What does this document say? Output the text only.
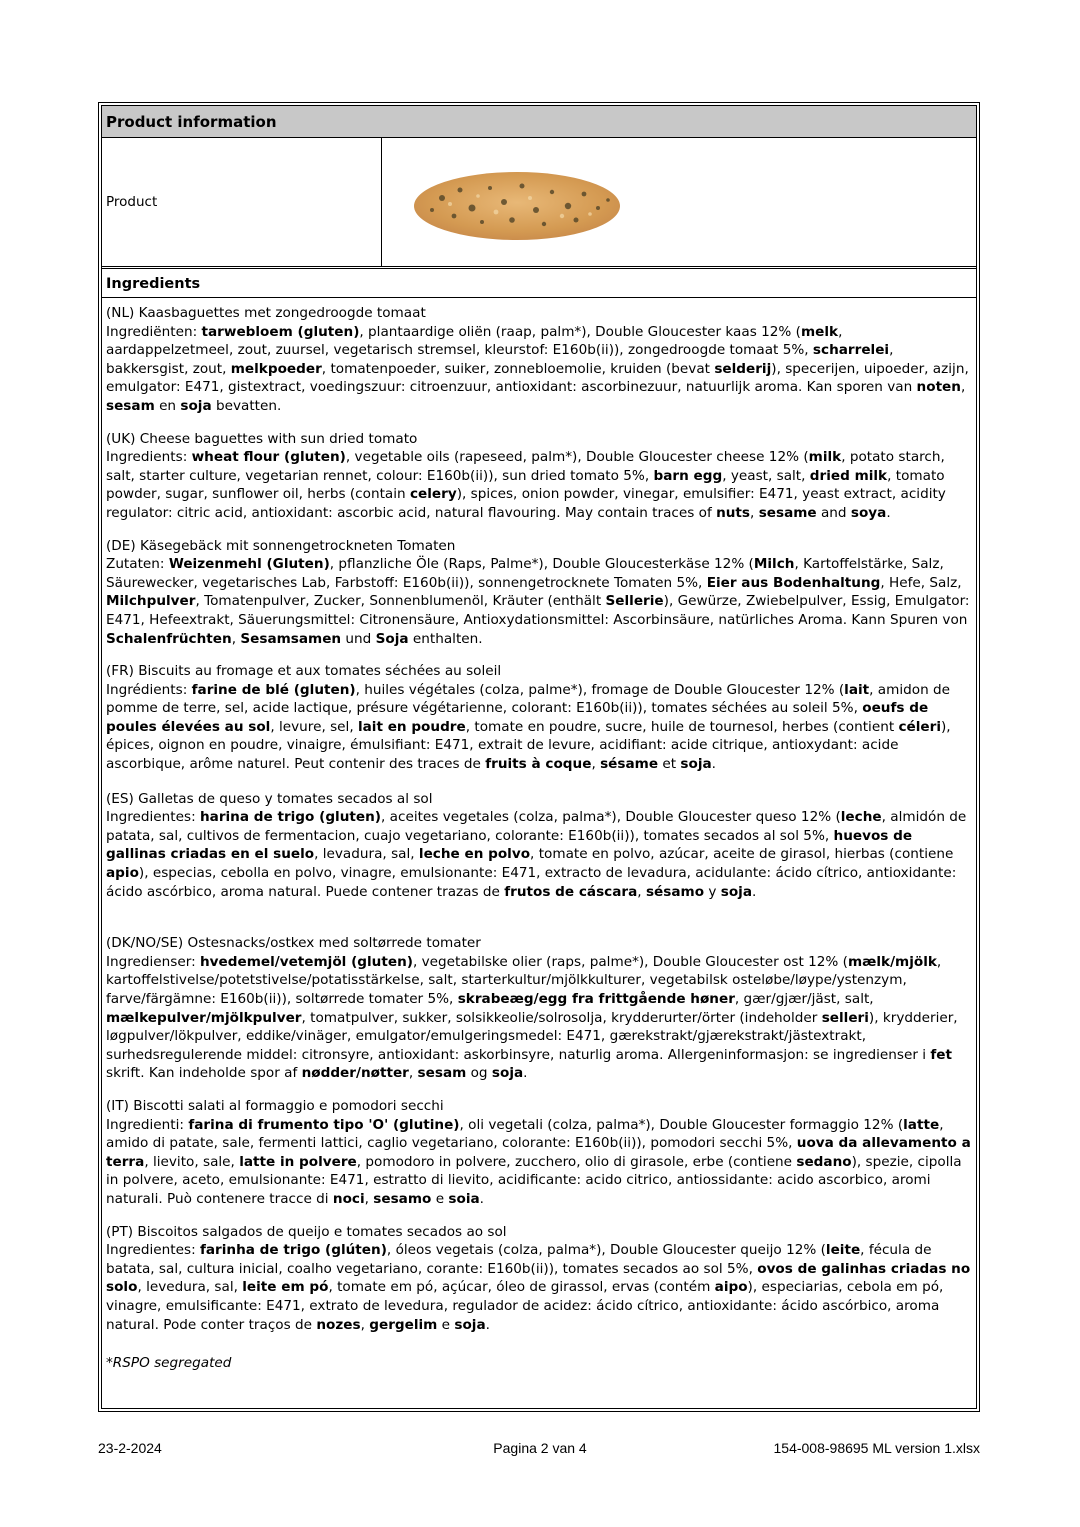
Product information
Product
Ingredients
(NL) Kaasbaguettes met zongedroogde tomaat
Ingrediënten: tarwebloem (gluten), plantaardige oliën (raap, palm*), Double Gloucester kaas 12% (melk, aardappelzetmeel, zout, zuursel, vegetarisch stremsel, kleurstof: E160b(ii)), zongedroogde tomaat 5%, scharrelei, bakkersgist, zout, melkpoeder, tomatenpoeder, suiker, zonnebloemolie, kruiden (bevat selderij), specerijen, uipoeder, azijn, emulgator: E471, gistextract, voedingszuur: citroenzuur, antioxidant: ascorbinezuur, natuurlijk aroma. Kan sporen van noten, sesam en soja bevatten.
(UK) Cheese baguettes with sun dried tomato
Ingredients: wheat flour (gluten), vegetable oils (rapeseed, palm*), Double Gloucester cheese 12% (milk, potato starch, salt, starter culture, vegetarian rennet, colour: E160b(ii)), sun dried tomato 5%, barn egg, yeast, salt, dried milk, tomato powder, sugar, sunflower oil, herbs (contain celery), spices, onion powder, vinegar, emulsifier: E471, yeast extract, acidity regulator: citric acid, antioxidant: ascorbic acid, natural flavouring. May contain traces of nuts, sesame and soya.
(DE) Käsegebäck mit sonnengetrockneten Tomaten
Zutaten: Weizenmehl (Gluten), pflanzliche Öle (Raps, Palme*), Double Gloucesterkäse 12% (Milch, Kartoffelstärke, Salz, Säurewecker, vegetarisches Lab, Farbstoff: E160b(ii)), sonnengetrocknete Tomaten 5%, Eier aus Bodenhaltung, Hefe, Salz, Milchpulver, Tomatenpulver, Zucker, Sonnenblumenöl, Kräuter (enthält Sellerie), Gewürze, Zwiebelpulver, Essig, Emulgator: E471, Hefeextrakt, Säuerungsmittel: Citronensäure, Antioxydationsmittel: Ascorbinsäure, natürliches Aroma. Kann Spuren von Schalenfrüchten, Sesamsamen und Soja enthalten.
(FR) Biscuits au fromage et aux tomates séchées au soleil
Ingrédients: farine de blé (gluten), huiles végétales (colza, palme*), fromage de Double Gloucester 12% (lait, amidon de pomme de terre, sel, acide lactique, présure végétarienne, colorant: E160b(ii)), tomates séchées au soleil 5%, oeufs de poules élevées au sol, levure, sel, lait en poudre, tomate en poudre, sucre, huile de tournesol, herbes (contient céleri), épices, oignon en poudre, vinaigre, émulsifiant: E471, extrait de levure, acidifiant: acide citrique, antioxydant: acide ascorbique, arôme naturel. Peut contenir des traces de fruits à coque, sésame et soja.
(ES) Galletas de queso y tomates secados al sol
Ingredientes: harina de trigo (gluten), aceites vegetales (colza, palma*), Double Gloucester queso 12% (leche, almidón de patata, sal, cultivos de fermentacion, cuajo vegetariano, colorante: E160b(ii)), tomates secados al sol 5%, huevos de gallinas criadas en el suelo, levadura, sal, leche en polvo, tomate en polvo, azúcar, aceite de girasol, hierbas (contiene apio), especias, cebolla en polvo, vinagre, emulsionante: E471, extracto de levadura, acidulante: ácido cítrico, antioxidante: ácido ascórbico, aroma natural. Puede contener trazas de frutos de cáscara, sésamo y soja.
(DK/NO/SE) Ostesnacks/ostkex med soltørrede tomater
Ingredienser: hvedemel/vetemjöl (gluten), vegetabilske olier (raps, palme*), Double Gloucester ost 12% (mælk/mjölk, kartoffelstivelse/potetstivelse/potatisstärkelse, salt, starterkultur/mjölkkulturer, vegetabilsk osteløbe/løype/ystenzym, farve/färgämne: E160b(ii)), soltørrede tomater 5%, skrabeæg/egg fra frittgående høner, gær/gjær/jäst, salt, mælkepulver/mjölkpulver, tomatpulver, sukker, solsikkeolie/solrosolja, krydderurter/örter (indeholder selleri), krydderier, løgpulver/lökpulver, eddike/vinäger, emulgator/emulgeringsmedel: E471, gærekstrakt/gjærekstrakt/jästextrakt, surhedsregulerende middel: citronsyre, antioxidant: askorbinsyre, naturlig aroma. Allergeninformasjon: se ingredienser i fet skrift. Kan indeholde spor af nødder/nøtter, sesam og soja.
(IT) Biscotti salati al formaggio e pomodori secchi
Ingredienti: farina di frumento tipo 'O' (glutine), oli vegetali (colza, palma*), Double Gloucester formaggio 12% (latte, amido di patate, sale, fermenti lattici, caglio vegetariano, colorante: E160b(ii)), pomodori secchi 5%, uova da allevamento a terra, lievito, sale, latte in polvere, pomodoro in polvere, zucchero, olio di girasole, erbe (contiene sedano), spezie, cipolla in polvere, aceto, emulsionante: E471, estratto di lievito, acidificante: acido citrico, antiossidante: acido ascorbico, aromi naturali. Può contenere tracce di noci, sesamo e soia.
(PT) Biscoitos salgados de queijo e tomates secados ao sol
Ingredientes: farinha de trigo (glúten), óleos vegetais (colza, palma*), Double Gloucester queijo 12% (leite, fécula de batata, sal, cultura inicial, coalho vegetariano, corante: E160b(ii)), tomates secados ao sol 5%, ovos de galinhas criadas no solo, levedura, sal, leite em pó, tomate em pó, açúcar, óleo de girassol, ervas (contém aipo), especiarias, cebola em pó, vinagre, emulsificante: E471, extrato de levedura, regulador de acidez: ácido cítrico, antioxidante: ácido ascórbico, aroma natural. Pode conter traços de nozes, gergelim e soja.
*RSPO segregated
23-2-2024	Pagina 2 van 4	154-008-98695 ML version 1.xlsx
